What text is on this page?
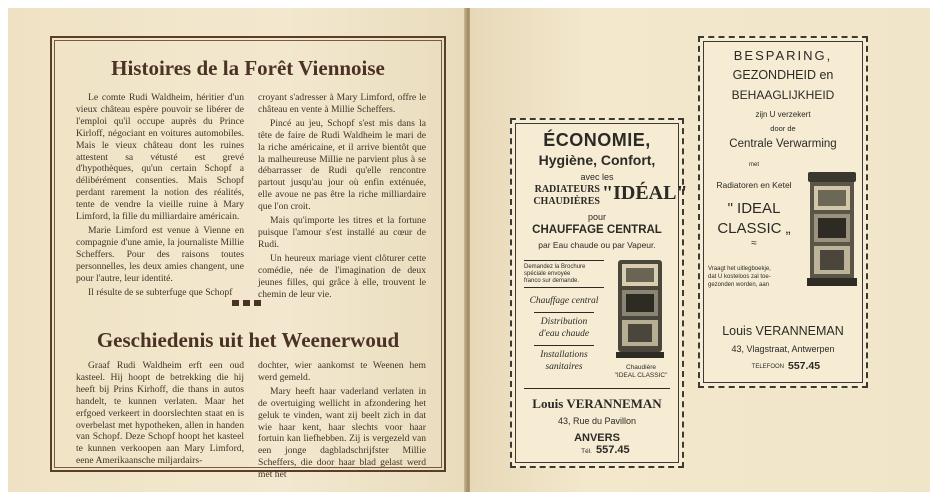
Histoires de la Forêt Viennoise

Le comte Rudi Waldheim, héritier d'un vieux château espère pouvoir se libérer de l'emploi qu'il occupe auprès du Prince Kirloff, négociant en voitures automobiles. Mais le vieux château dont les ruines attestent sa vétusté est grevé d'hypothèques, qu'un certain Schopf a délibérément consenties. Mais Schopf perdant rarement la notion des réalités, tente de vendre la vieille ruine à Mary Limford, la fille du milliardaire américain.

Marie Limford est venue à Vienne en compagnie d'une amie, la journaliste Millie Scheffers. Pour des raisons toutes personnelles, les deux amies changent, une pour l'autre, leur identité.

Il résulte de se subterfuge que Schopf

croyant s'adresser à Mary Limford, offre le château en vente à Millie Scheffers.

Pincé au jeu, Schopf s'est mis dans la tête de faire de Rudi Waldheim le mari de la riche américaine, et il arrive bientôt que la malheureuse Millie ne parvient plus à se débarrasser de Rudi qu'elle rencontre partout jusqu'au jour où enfin exténuée, elle avoue ne pas être la riche milliardaire que l'on croit.

Mais qu'importe les titres et la fortune puisque l'amour s'est installé au cœur de Rudi.

Un heureux mariage vient clôturer cette comédie, née de l'imagination de deux jeunes filles, qui grâce à elle, trouvent le chemin de leur vie.

Geschiedenis uit het Weenerwoud

Graaf Rudi Waldheim erft een oud kasteel. Hij hoopt de betrekking die hij heeft bij Prins Kirhoff, die thans in autos handelt, te kunnen verlaten. Maar het erfgoed verkeert in doorslechten staat en is overbelast met hypotheken, allen in handen van Schopf. Deze Schopf hoopt het kasteel te kunnen verkoopen aan Mary Limford, eene Amerikaansche miljardairs-

dochter, wier aankomst te Weenen hem werd gemeld.

Mary heeft haar vaderland verlaten in de overtuiging wellicht in afzondering het geluk te vinden, want zij beelt zich in dat wie haar kent, haar slechts voor haar fortuin kan liefhebben. Zij is vergezeld van een jonge dagbladschrijfster Millie Scheffers, die door haar blad gelast werd met het

ÉCONOMIE,
Hygiène, Confort,
avec les
RADIATEURS
CHAUDIÈRES "IDÉAL"
pour
CHAUFFAGE CENTRAL
par Eau chaude ou par Vapeur.
Demandez la Brochure
spéciale envoyée
franco sur demande.
Chauffage central
Distribution
d'eau chaude
Installations
sanitaires	Chaudière
"IDEAL CLASSIC"
Louis VERANNEMAN
43, Rue du Pavillon
ANVERS
Tél. 557.45
BESPARING,
GEZONDHEID en
BEHAAGLIJKHEID
zijn U verzekert
door de
Centrale Verwarming
met
Radiatoren en Ketel
" IDEAL
CLASSIC „
≈
Vraagt het uitlegboekje,
dat U kosteloos zal toe-
gezonden worden, aan
Louis VERANNEMAN
43, Vlagstraat, Antwerpen
TELEFOON 557.45
